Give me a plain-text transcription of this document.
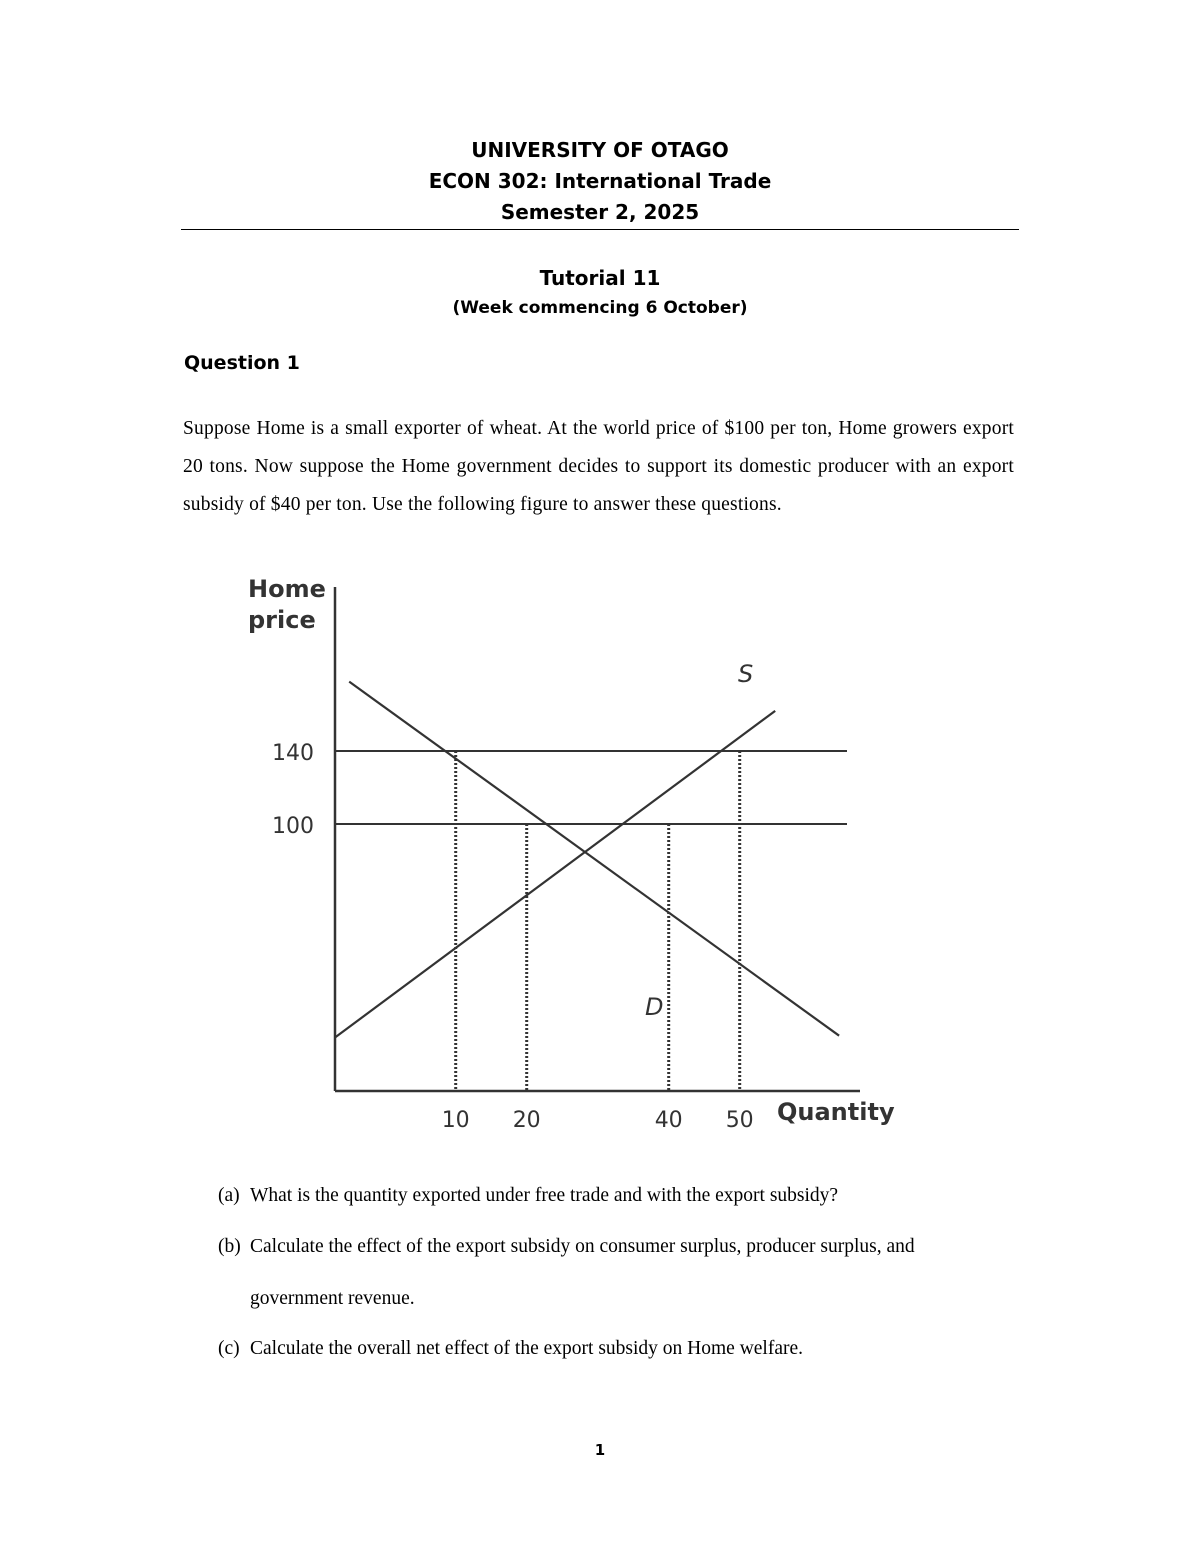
UNIVERSITY OF OTAGO
ECON 302: International Trade
Semester 2, 2025
Tutorial 11
(Week commencing 6 October)
Question 1
Suppose Home is a small exporter of wheat. At the world price of $100 per ton, Home growers export 20 tons. Now suppose the Home government decides to support its domestic producer with an export subsidy of $40 per ton. Use the following figure to answer these questions.
S
D
100
140
10 20	40 50
Home
price
Quantity
(a) What is the quantity exported under free trade and with the export subsidy?
(b) Calculate the effect of the export subsidy on consumer surplus, producer surplus, and
government revenue.
(c) Calculate the overall net effect of the export subsidy on Home welfare.
1
